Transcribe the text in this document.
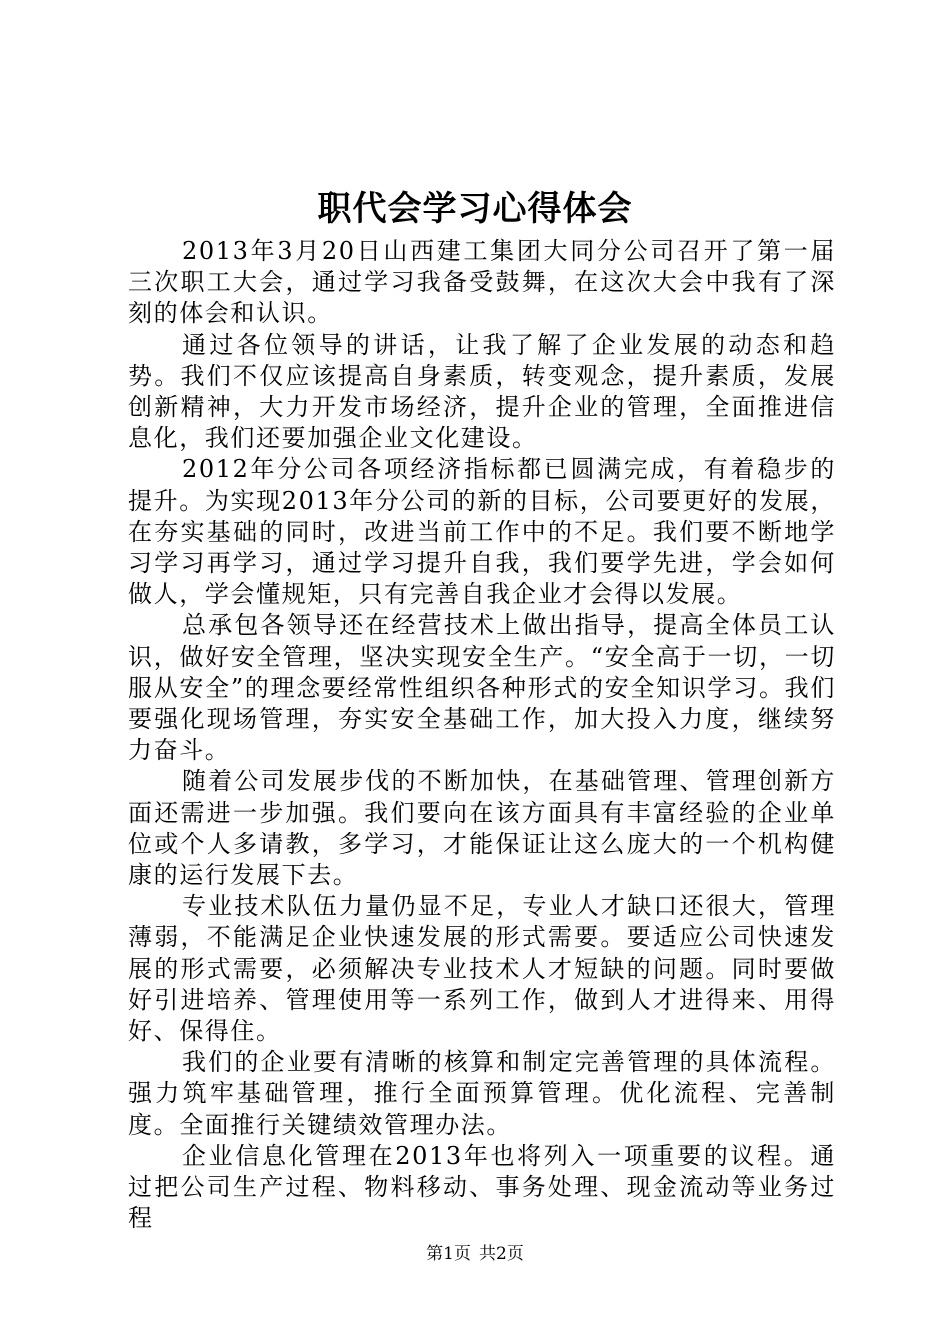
职代会学习心得体会

2013年3月20日山西建工集团大同分公司召开了第一届三次职工大会，通过学习我备受鼓舞，在这次大会中我有了深刻的体会和认识。

通过各位领导的讲话，让我了解了企业发展的动态和趋势。我们不仅应该提高自身素质，转变观念，提升素质，发展创新精神，大力开发市场经济，提升企业的管理，全面推进信息化，我们还要加强企业文化建设。

2012年分公司各项经济指标都已圆满完成，有着稳步的提升。为实现2013年分公司的新的目标，公司要更好的发展，在夯实基础的同时，改进当前工作中的不足。我们要不断地学习学习再学习，通过学习提升自我，我们要学先进，学会如何做人，学会懂规矩，只有完善自我企业才会得以发展。

总承包各领导还在经营技术上做出指导，提高全体员工认识，做好安全管理，坚决实现安全生产。“安全高于一切，一切服从安全”的理念要经常性组织各种形式的安全知识学习。我们要强化现场管理，夯实安全基础工作，加大投入力度，继续努力奋斗。

随着公司发展步伐的不断加快，在基础管理、管理创新方面还需进一步加强。我们要向在该方面具有丰富经验的企业单位或个人多请教，多学习，才能保证让这么庞大的一个机构健康的运行发展下去。

专业技术队伍力量仍显不足，专业人才缺口还很大，管理薄弱，不能满足企业快速发展的形式需要。要适应公司快速发展的形式需要，必须解决专业技术人才短缺的问题。同时要做好引进培养、管理使用等一系列工作，做到人才进得来、用得好、保得住。

我们的企业要有清晰的核算和制定完善管理的具体流程。强力筑牢基础管理，推行全面预算管理。优化流程、完善制度。全面推行关键绩效管理办法。

企业信息化管理在2013年也将列入一项重要的议程。通过把公司生产过程、物料移动、事务处理、现金流动等业务过程

第1页 共2页
